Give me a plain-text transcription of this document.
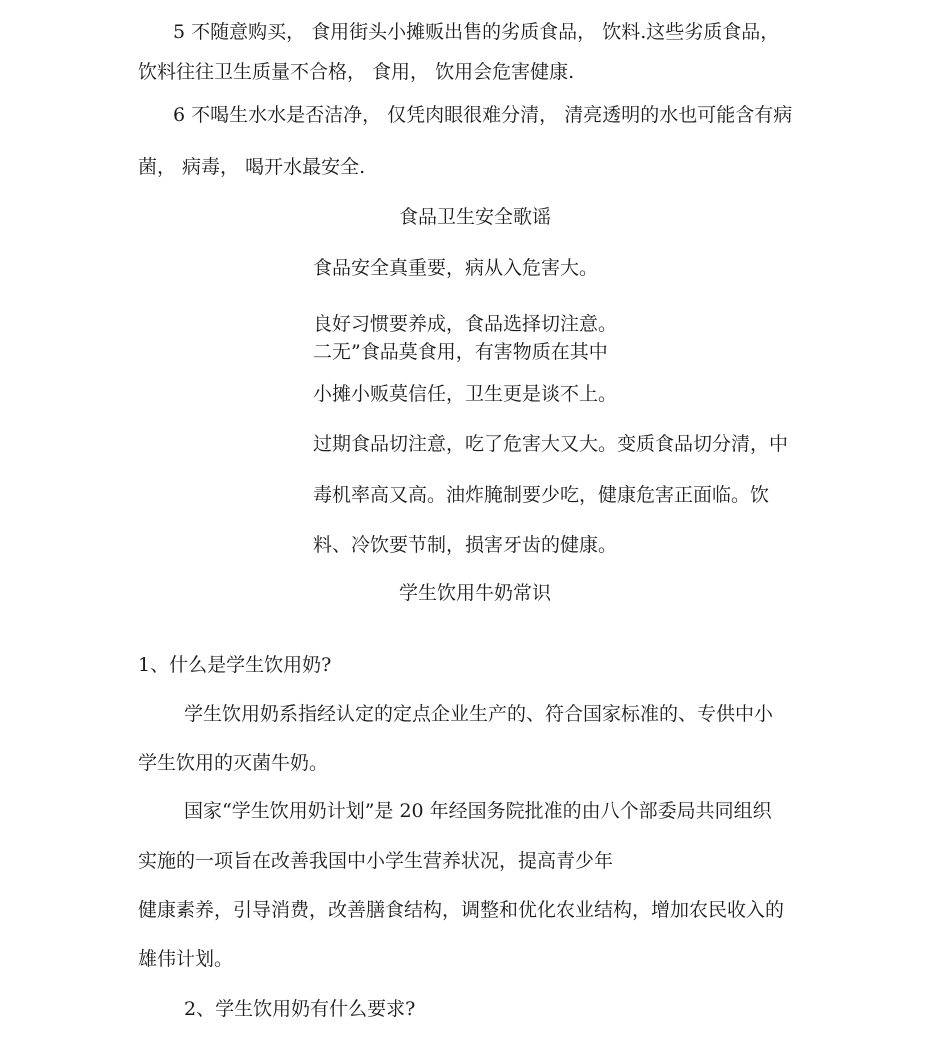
5 不随意购买， 食用街头小摊贩出售的劣质食品， 饮料.这些劣质食品，

饮料往往卫生质量不合格， 食用， 饮用会危害健康.

6 不喝生水水是否洁净， 仅凭肉眼很难分清， 清亮透明的水也可能含有病

菌， 病毒， 喝开水最安全.

食品卫生安全歌谣

食品安全真重要，病从入危害大。

良好习惯要养成，食品选择切注意。

二无”食品莫食用，有害物质在其中

小摊小贩莫信任，卫生更是谈不上。

过期食品切注意，吃了危害大又大。变质食品切分清，中

毒机率高又高。油炸腌制要少吃，健康危害正面临。饮

料、冷饮要节制，损害牙齿的健康。

学生饮用牛奶常识

1、什么是学生饮用奶?

学生饮用奶系指经认定的定点企业生产的、符合国家标准的、专供中小

学生饮用的灭菌牛奶。

国家“学生饮用奶计划”是 20 年经国务院批准的由八个部委局共同组织

实施的一项旨在改善我国中小学生营养状况，提高青少年

健康素养，引导消费，改善膳食结构，调整和优化农业结构，增加农民收入的

雄伟计划。

2、学生饮用奶有什么要求?
